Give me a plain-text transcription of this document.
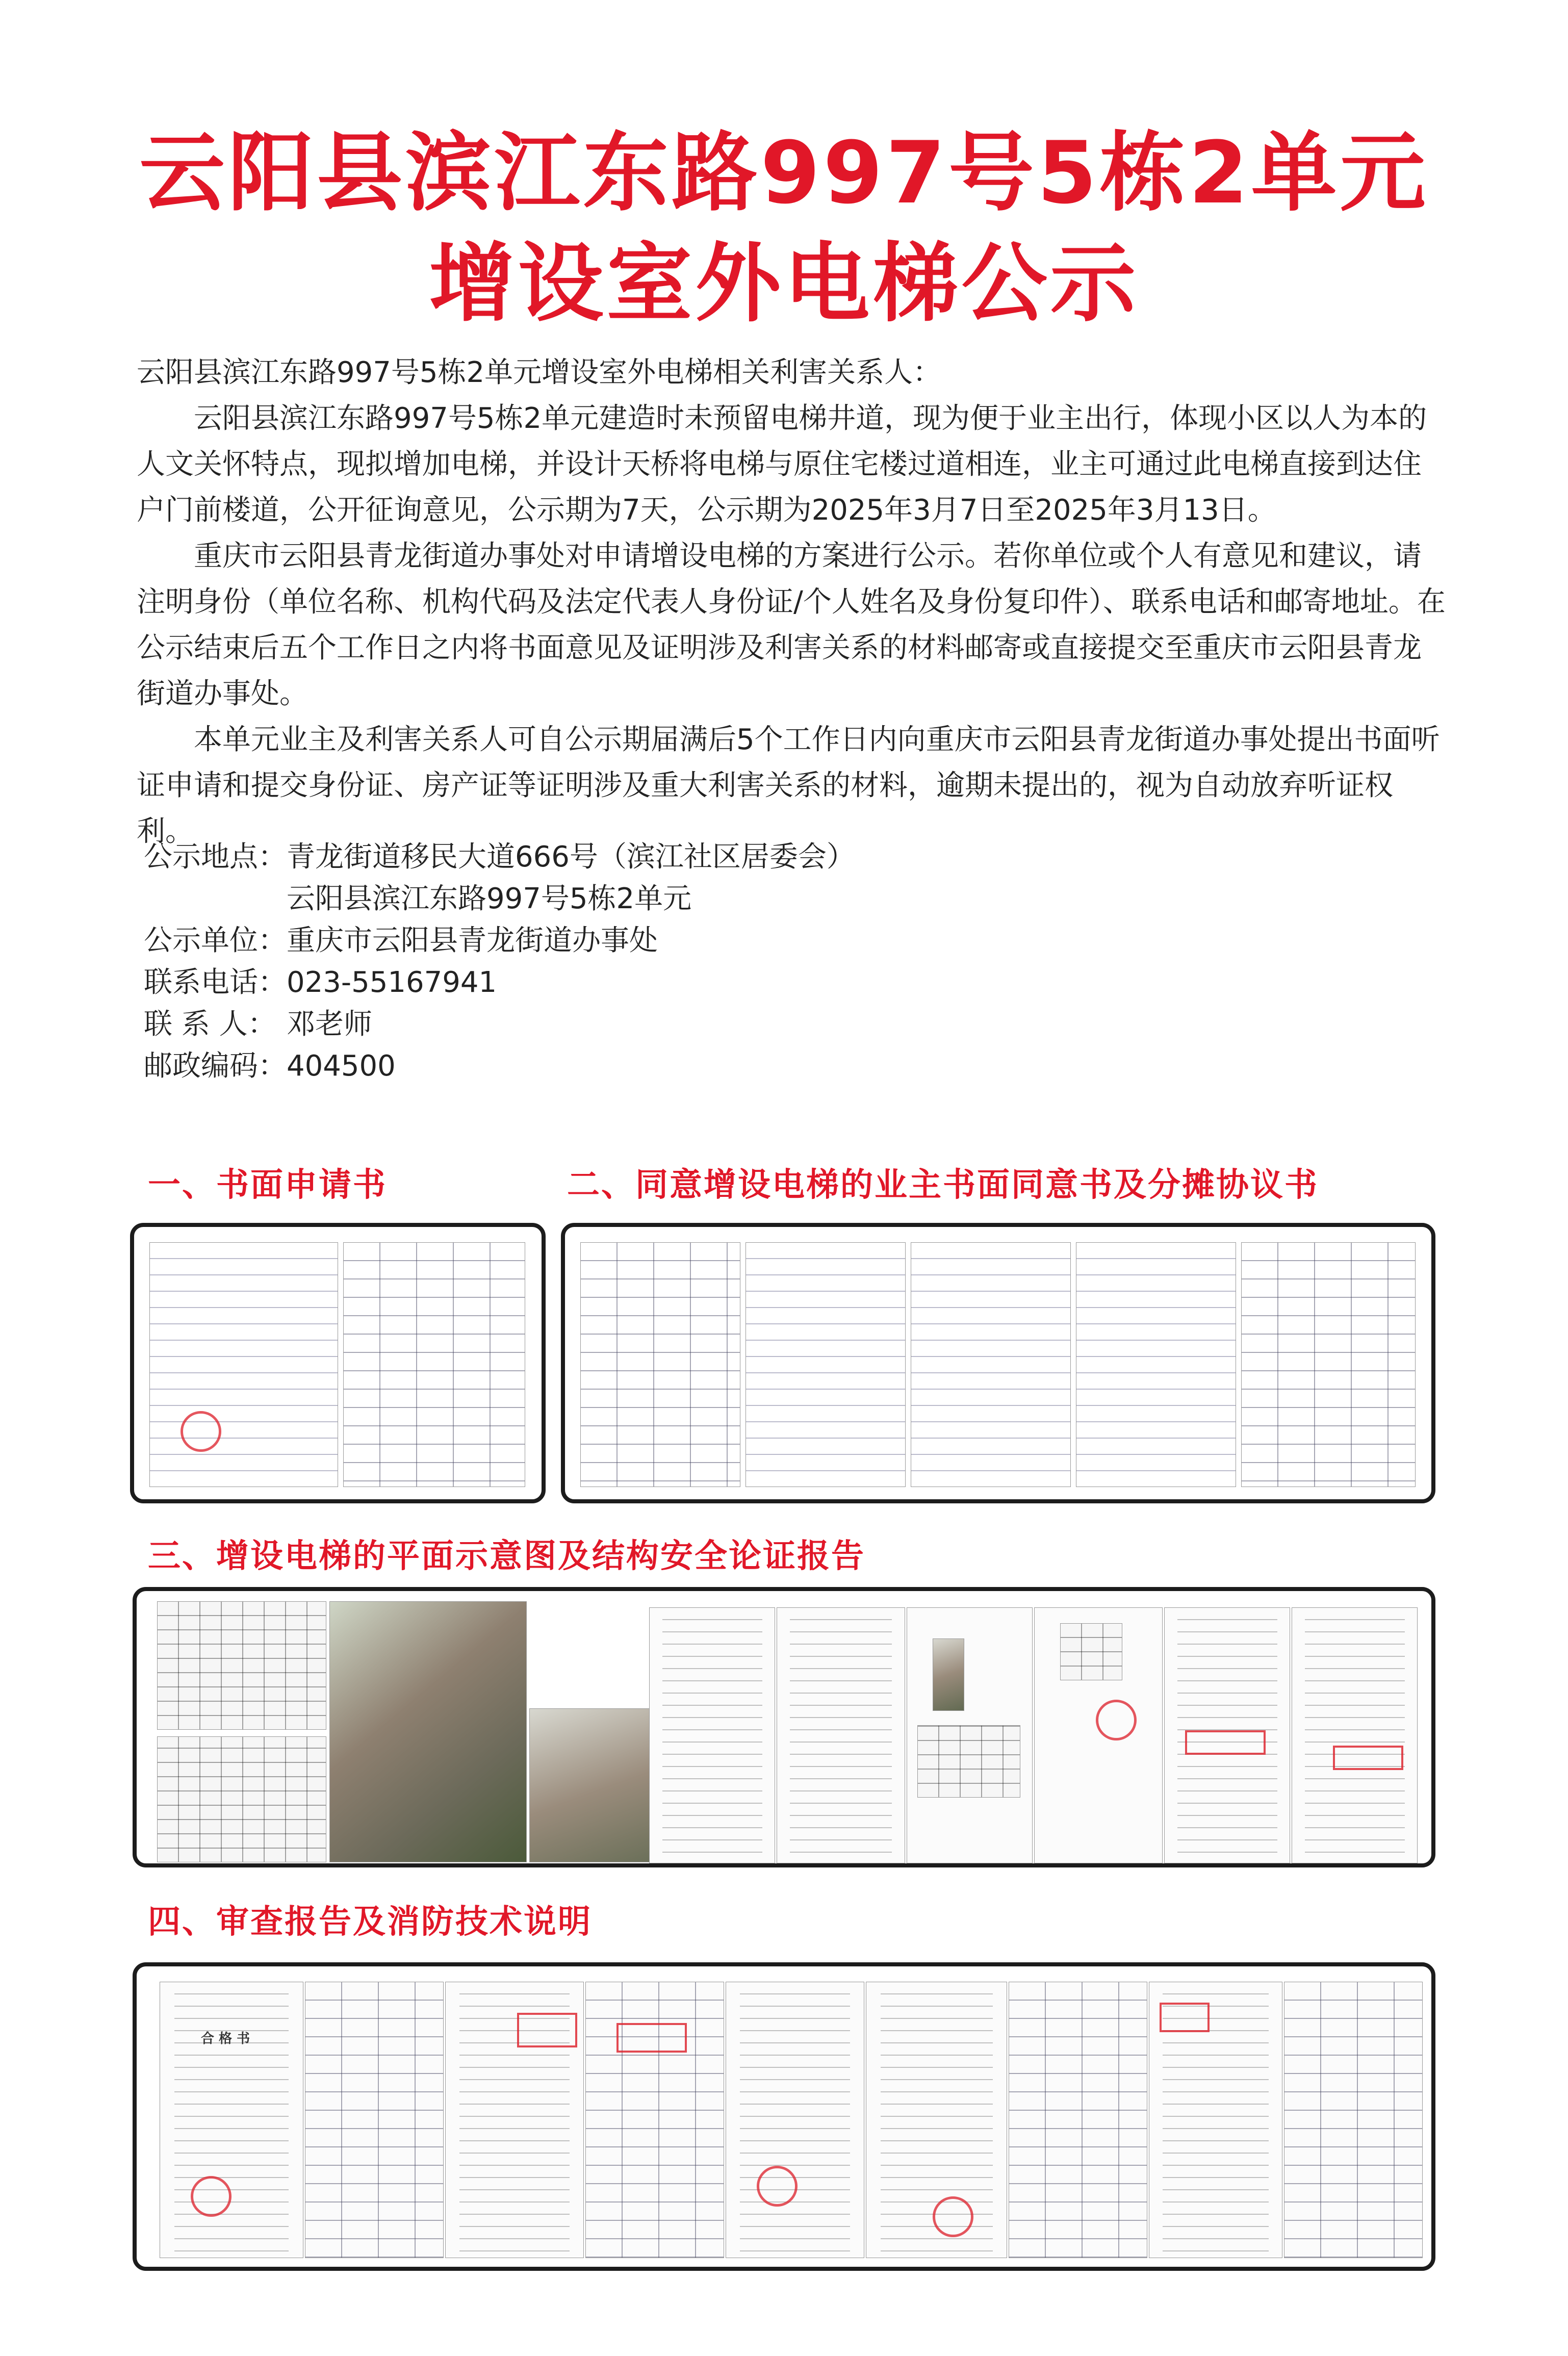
云阳县滨江东路997号5栋2单元
增设室外电梯公示

云阳县滨江东路997号5栋2单元增设室外电梯相关利害关系人：

云阳县滨江东路997号5栋2单元建造时未预留电梯井道，现为便于业主出行，体现小区以人为本的人文关怀特点，现拟增加电梯，并设计天桥将电梯与原住宅楼过道相连，业主可通过此电梯直接到达住户门前楼道，公开征询意见，公示期为7天，公示期为2025年3月7日至2025年3月13日。

重庆市云阳县青龙街道办事处对申请增设电梯的方案进行公示。若你单位或个人有意见和建议，请注明身份（单位名称、机构代码及法定代表人身份证/个人姓名及身份复印件）、联系电话和邮寄地址。在公示结束后五个工作日之内将书面意见及证明涉及利害关系的材料邮寄或直接提交至重庆市云阳县青龙街道办事处。

本单元业主及利害关系人可自公示期届满后5个工作日内向重庆市云阳县青龙街道办事处提出书面听证申请和提交身份证、房产证等证明涉及重大利害关系的材料，逾期未提出的，视为自动放弃听证权利。

公示地点： 青龙街道移民大道666号（滨江社区居委会）
云阳县滨江东路997号5栋2单元
公示单位： 重庆市云阳县青龙街道办事处
联系电话： 023-55167941
联 系 人： 邓老师
邮政编码： 404500
一、书面申请书	二、同意增设电梯的业主书面同意书及分摊协议书
三、增设电梯的平面示意图及结构安全论证报告
四、审查报告及消防技术说明
合 格 书
